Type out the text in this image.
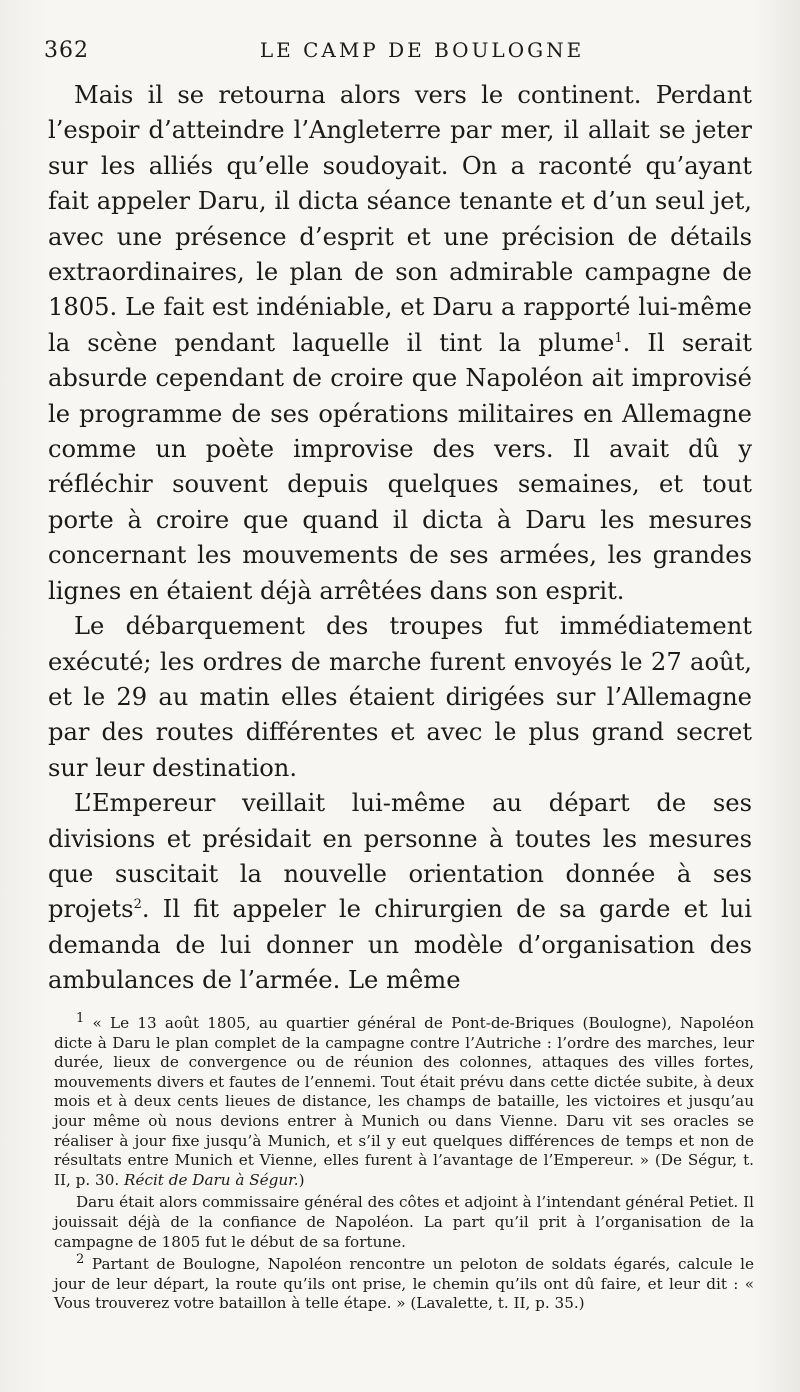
362	LE CAMP DE BOULOGNE

Mais il se retourna alors vers le continent. Perdant l’espoir d’atteindre l’Angleterre par mer, il allait se jeter sur les alliés qu’elle soudoyait. On a raconté qu’ayant fait appeler Daru, il dicta séance tenante et d’un seul jet, avec une présence d’esprit et une précision de détails extraordinaires, le plan de son admirable campagne de 1805. Le fait est indéniable, et Daru a rapporté lui-même la scène pendant laquelle il tint la plume$^1$. Il serait absurde cependant de croire que Napoléon ait improvisé le programme de ses opérations militaires en Allemagne comme un poète improvise des vers. Il avait dû y réfléchir souvent depuis quelques semaines, et tout porte à croire que quand il dicta à Daru les mesures concernant les mouvements de ses armées, les grandes lignes en étaient déjà arrêtées dans son esprit.

Le débarquement des troupes fut immédiatement exécuté; les ordres de marche furent envoyés le 27 août, et le 29 au matin elles étaient dirigées sur l’Allemagne par des routes différentes et avec le plus grand secret sur leur destination.

L’Empereur veillait lui-même au départ de ses divisions et présidait en personne à toutes les mesures que suscitait la nouvelle orientation donnée à ses projets$^2$. Il fit appeler le chirurgien de sa garde et lui demanda de lui donner un modèle d’organisation des ambulances de l’armée. Le même

$^1$ « Le 13 août 1805, au quartier général de Pont-de-Briques (Boulogne), Napoléon dicte à Daru le plan complet de la campagne contre l’Autriche : l’ordre des marches, leur durée, lieux de convergence ou de réunion des colonnes, attaques des villes fortes, mouvements divers et fautes de l’ennemi. Tout était prévu dans cette dictée subite, à deux mois et à deux cents lieues de distance, les champs de bataille, les victoires et jusqu’au jour même où nous devions entrer à Munich ou dans Vienne. Daru vit ses oracles se réaliser à jour fixe jusqu’à Munich, et s’il y eut quelques différences de temps et non de résultats entre Munich et Vienne, elles furent à l’avantage de l’Empereur. » (De Ségur, t. II, p. 30. Récit de Daru à Ségur.)

Daru était alors commissaire général des côtes et adjoint à l’intendant général Petiet. Il jouissait déjà de la confiance de Napoléon. La part qu’il prit à l’organisation de la campagne de 1805 fut le début de sa fortune.

$^2$ Partant de Boulogne, Napoléon rencontre un peloton de soldats égarés, calcule le jour de leur départ, la route qu’ils ont prise, le chemin qu’ils ont dû faire, et leur dit : « Vous trouverez votre bataillon à telle étape. » (Lavalette, t. II, p. 35.)
